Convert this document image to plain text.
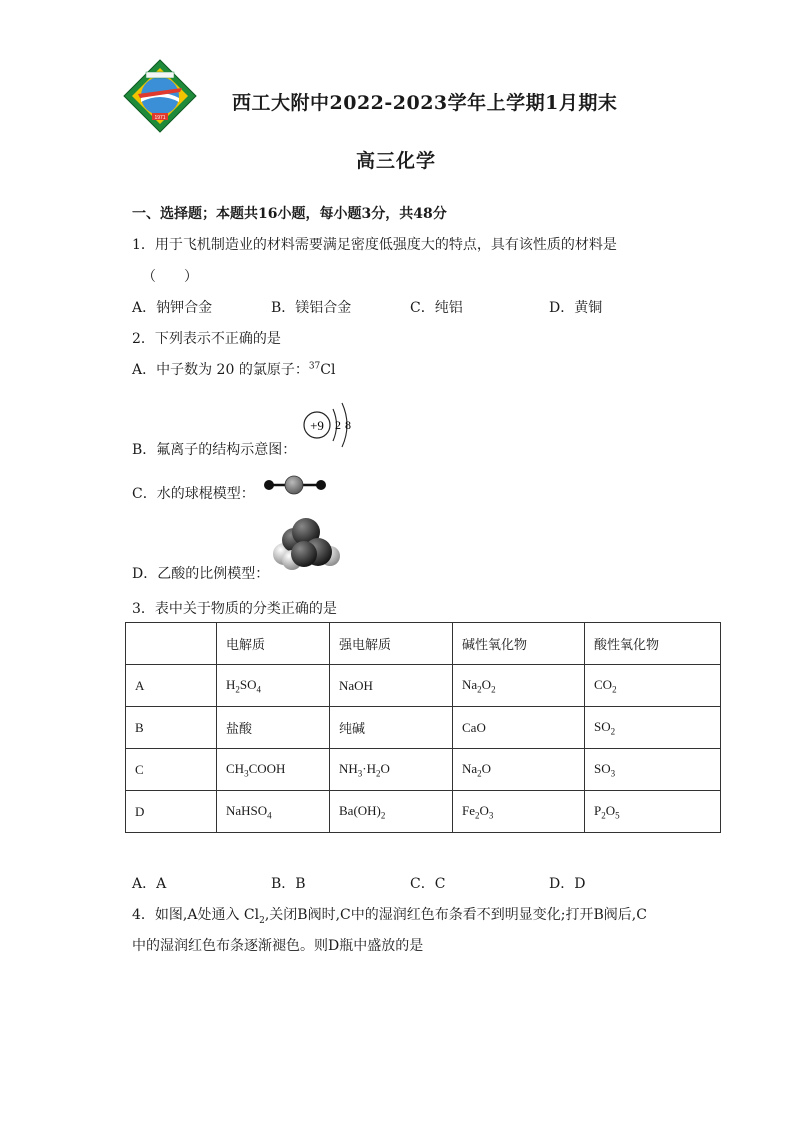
1971
西工大附中2022-2023学年上学期1月期末
高三化学
一、选择题；本题共16小题，每小题3分，共48分
1．用于飞机制造业的材料需要满足密度低强度大的特点，具有该性质的材料是
（　　）
A．钠钾合金	B．镁铝合金	C．纯铝	D．黄铜
2．下列表示不正确的是
A．中子数为 20 的氯原子：$^{37}$Cl
B．氟离子的结构示意图：
+9 2 8
C．水的球棍模型：
D．乙酸的比例模型：
3．表中关于物质的分类正确的是
	电解质	强电解质	碱性氧化物	酸性氧化物
A	$H_2SO_4$	NaOH	$Na_2O_2$	$CO_2$
B	盐酸	纯碱	CaO	$SO_2$
C	$CH_3COOH$	$NH_3\cdot H_2O$	$Na_2O$	$SO_3$
D	NaHSO$_4$	$Ba(OH)_2$	$Fe_2O_3$	$P_2O_5$
A．A	B．B	C．C	D．D
4．如图,A处通入 $Cl_2$,关闭B阀时,C中的湿润红色布条看不到明显变化;打开B阀后,C
中的湿润红色布条逐渐褪色。则D瓶中盛放的是
